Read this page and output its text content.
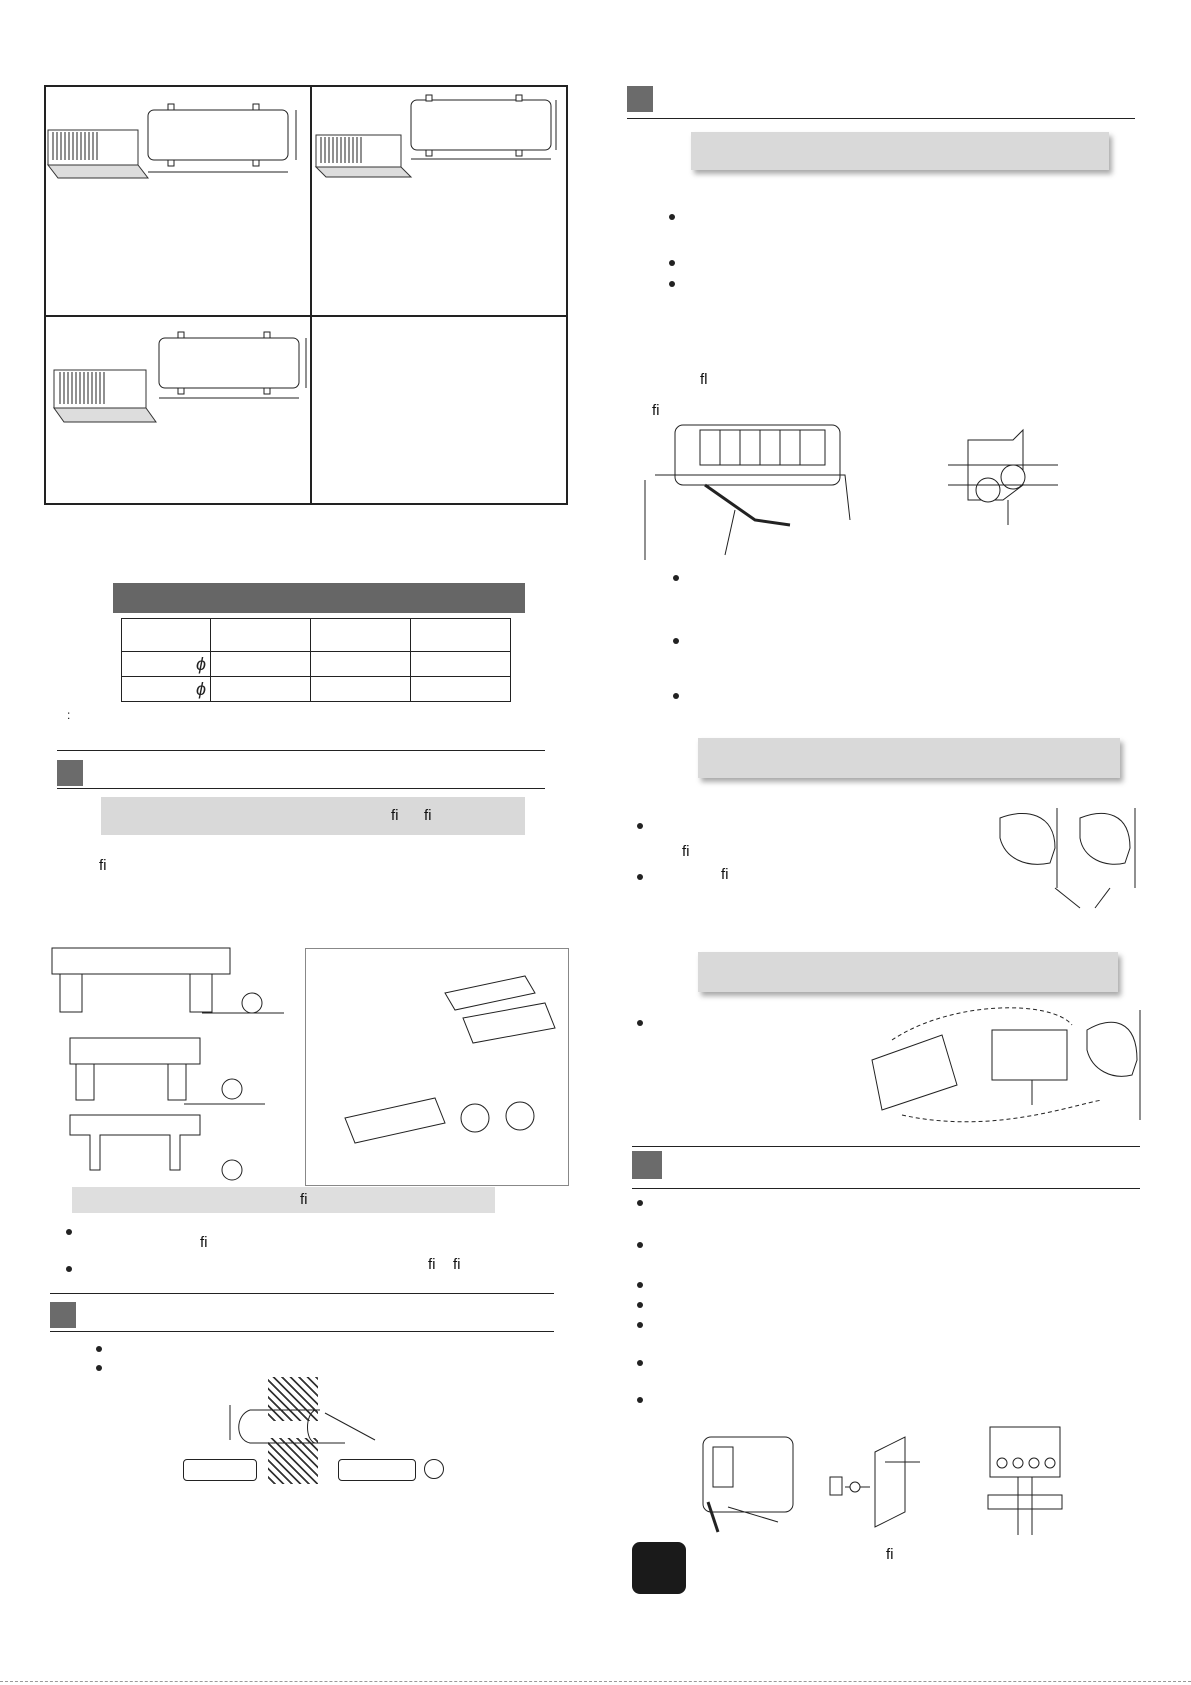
ϕ			
ϕ			
:
ﬁ ﬁ
ﬁ
ﬁ
ﬁ
ﬁ ﬁ
ﬂ
ﬁ
ﬁ
ﬁ
ﬁ
